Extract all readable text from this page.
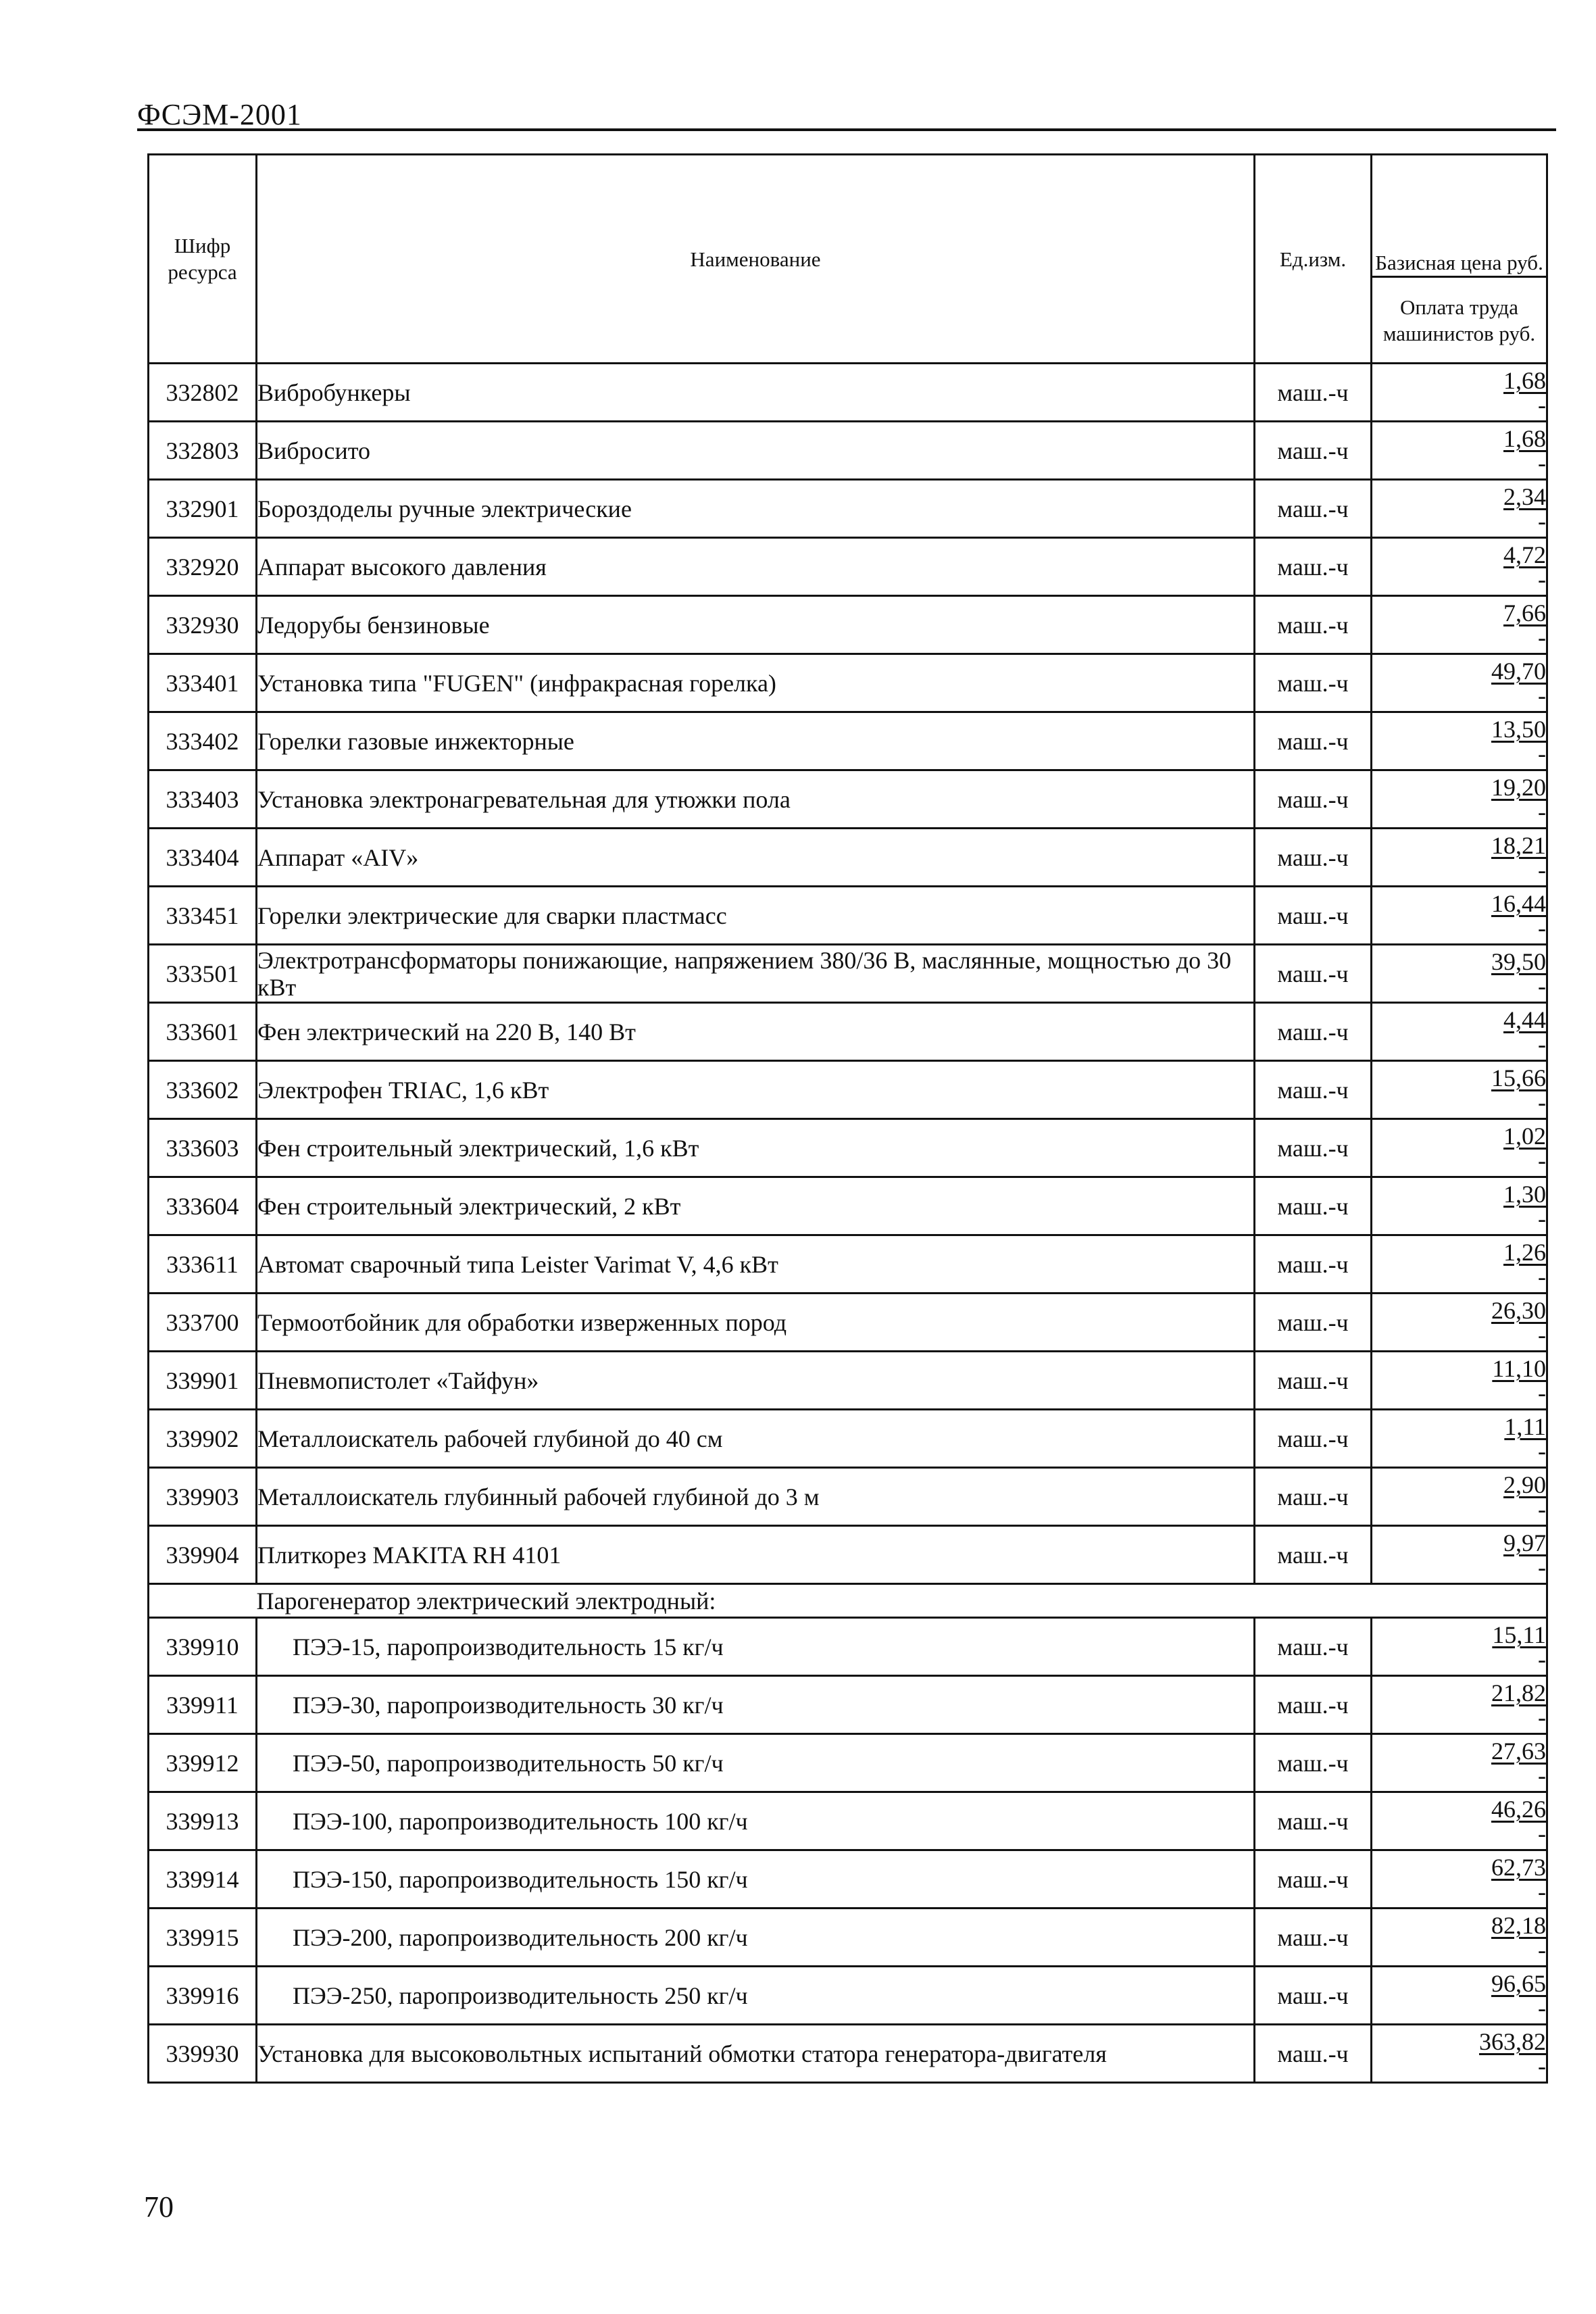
ФСЭМ-2001
Шифр ресурса	Наименование	Ед.изм.	Базисная цена руб.
			Оплата труда машинистов руб.
332802	Вибробункеры	маш.-ч	1,68
-

332803	Вибросито	маш.-ч	1,68
-

332901	Бороздоделы ручные электрические	маш.-ч	2,34
-

332920	Аппарат высокого давления	маш.-ч	4,72
-

332930	Ледорубы бензиновые	маш.-ч	7,66
-

333401	Установка типа "FUGEN" (инфракрасная горелка)	маш.-ч	49,70
-

333402	Горелки газовые инжекторные	маш.-ч	13,50
-

333403	Установка электронагревательная для утюжки пола	маш.-ч	19,20
-

333404	Аппарат «AIV»	маш.-ч	18,21
-

333451	Горелки электрические для сварки пластмасс	маш.-ч	16,44
-

333501	Электротрансформаторы понижающие, напряжением 380/36 В, маслянные, мощностью до 30 кВт	маш.-ч	39,50
-

333601	Фен электрический на 220 В, 140 Вт	маш.-ч	4,44
-

333602	Электрофен TRIAC, 1,6 кВт	маш.-ч	15,66
-

333603	Фен строительный электрический, 1,6 кВт	маш.-ч	1,02
-

333604	Фен строительный электрический, 2 кВт	маш.-ч	1,30
-

333611	Автомат сварочный типа Leister Varimat V, 4,6 кВт	маш.-ч	1,26
-

333700	Термоотбойник для обработки изверженных пород	маш.-ч	26,30
-

339901	Пневмопистолет «Тайфун»	маш.-ч	11,10
-

339902	Металлоискатель рабочей глубиной до 40 см	маш.-ч	1,11
-

339903	Металлоискатель глубинный рабочей глубиной до 3 м	маш.-ч	2,90
-

339904	Плиткорез MAKITA RH 4101	маш.-ч	9,97
-

	Парогенератор электрический электродный:		
339910	ПЭЭ-15, паропроизводительность 15 кг/ч	маш.-ч	15,11
-

339911	ПЭЭ-30, паропроизводительность 30 кг/ч	маш.-ч	21,82
-

339912	ПЭЭ-50, паропроизводительность 50 кг/ч	маш.-ч	27,63
-

339913	ПЭЭ-100, паропроизводительность 100 кг/ч	маш.-ч	46,26
-

339914	ПЭЭ-150, паропроизводительность 150 кг/ч	маш.-ч	62,73
-

339915	ПЭЭ-200, паропроизводительность 200 кг/ч	маш.-ч	82,18
-

339916	ПЭЭ-250, паропроизводительность 250 кг/ч	маш.-ч	96,65
-

339930	Установка для высоковольтных испытаний обмотки статора генератора-двигателя	маш.-ч	363,82
-
70
